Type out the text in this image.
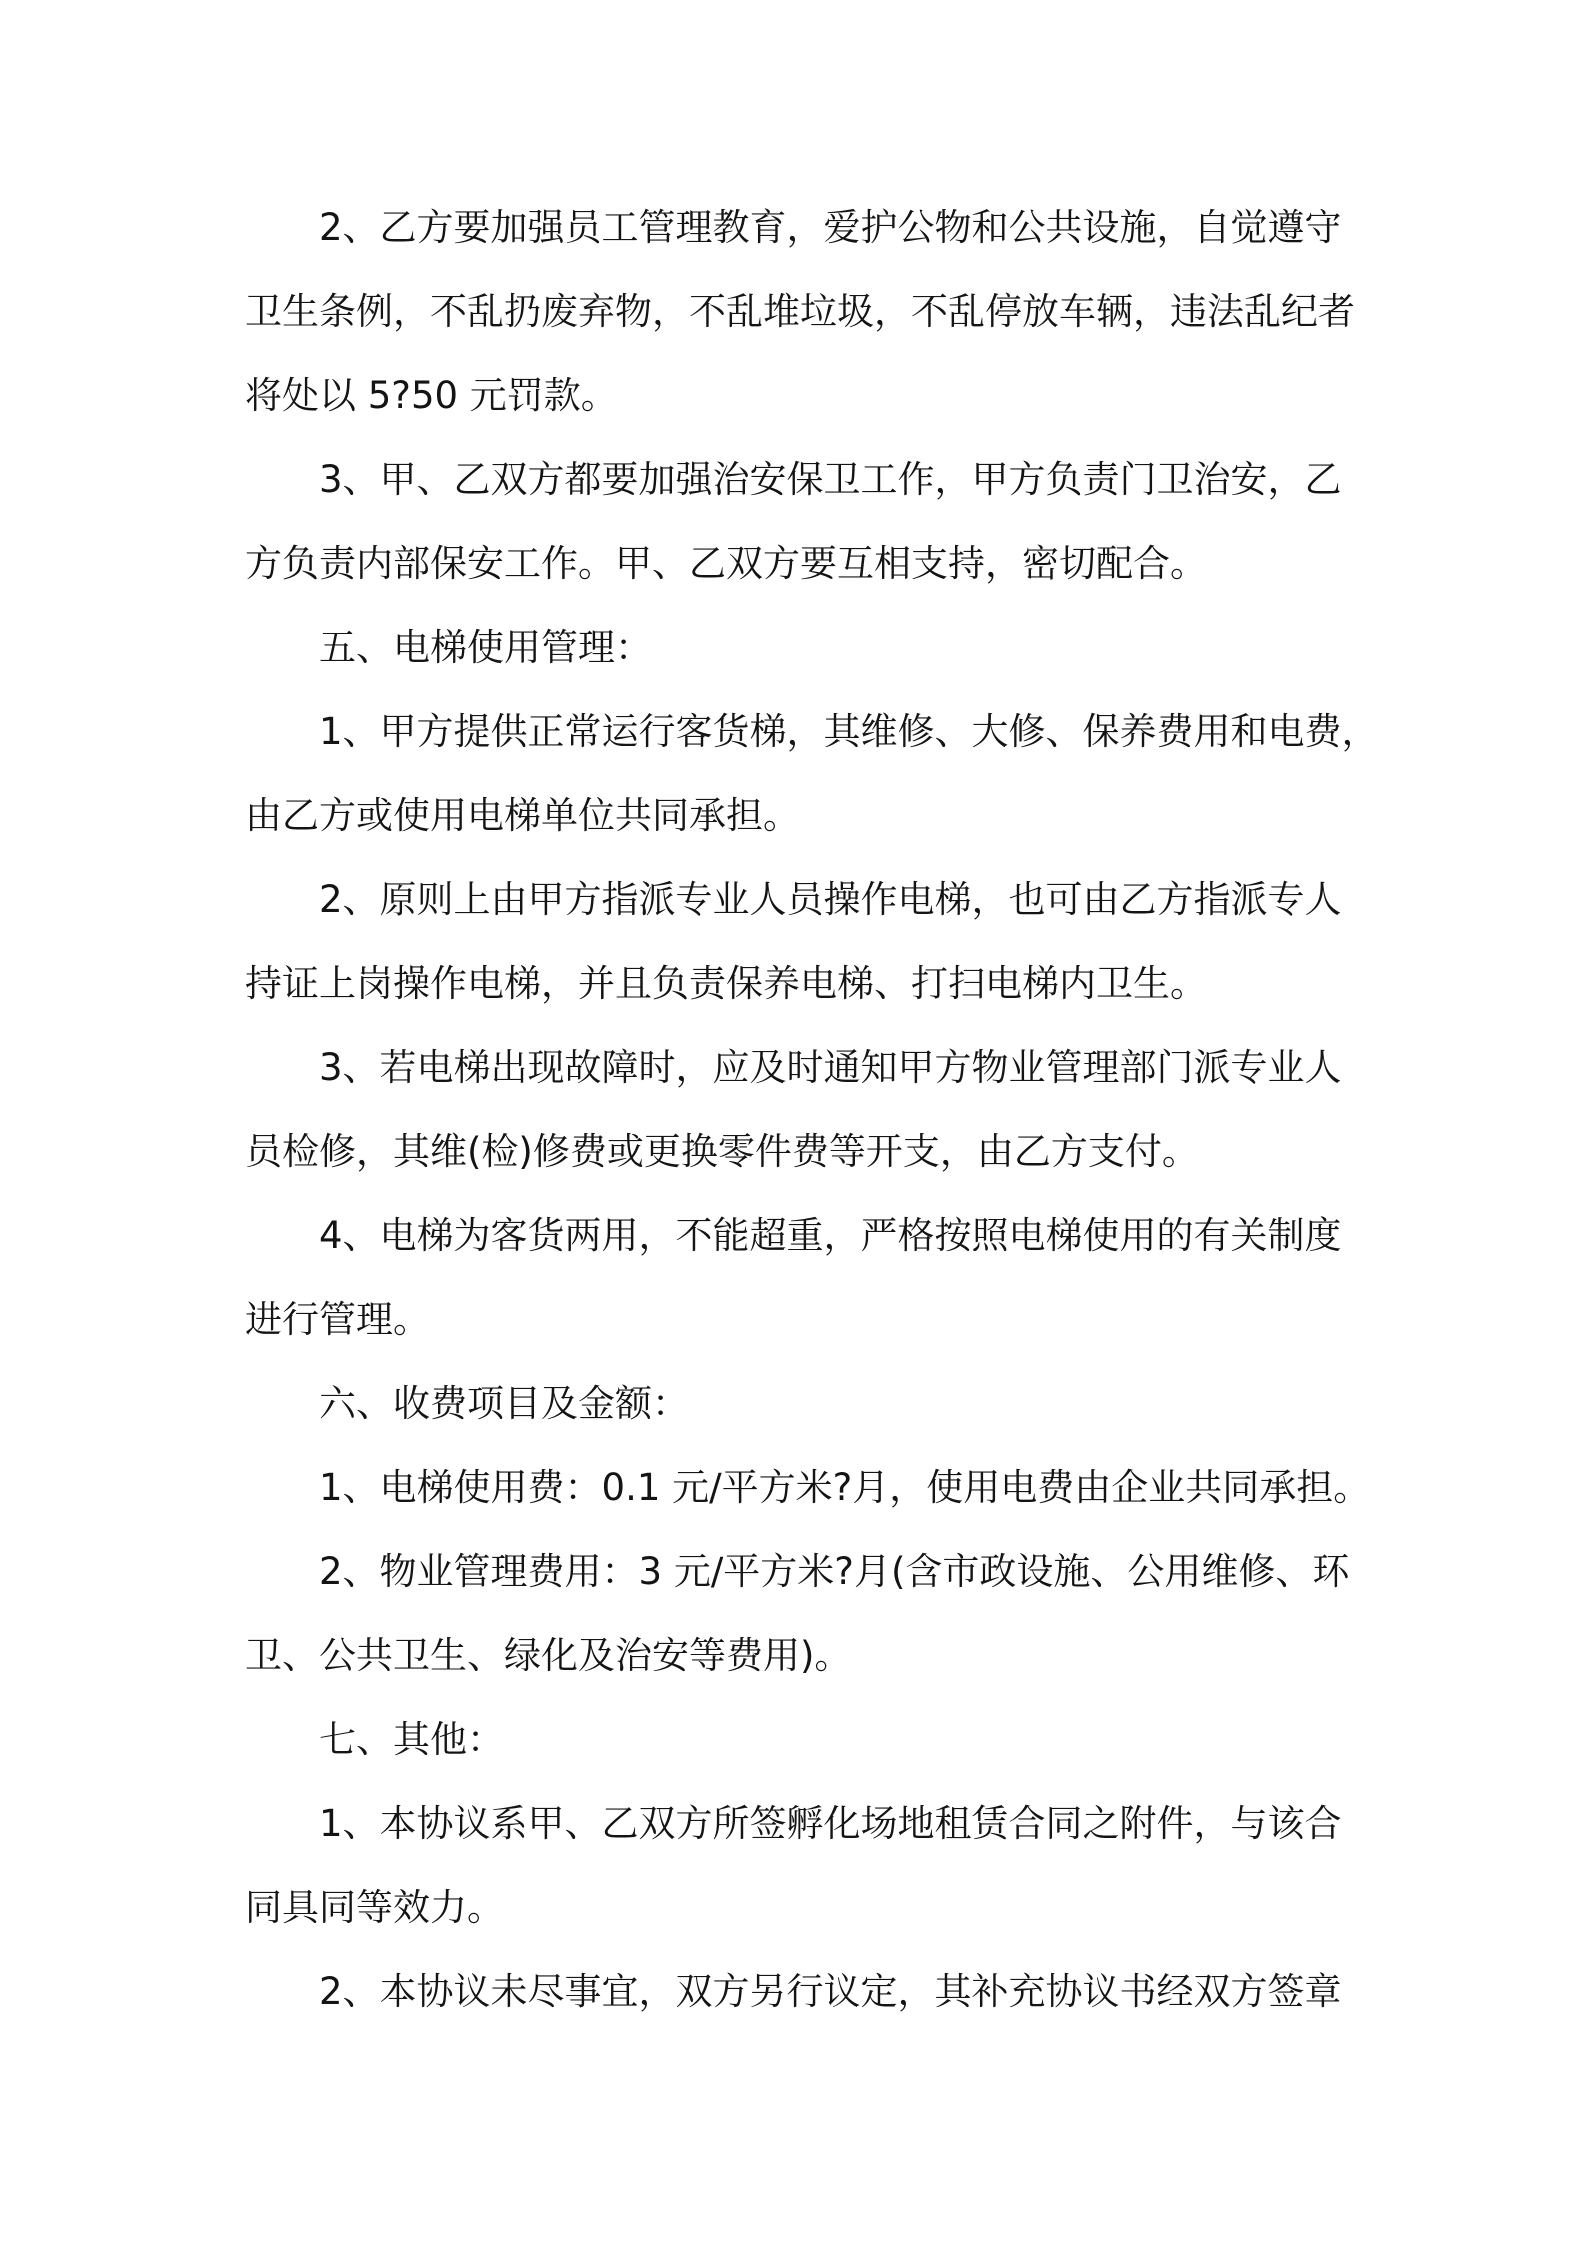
2、乙方要加强员工管理教育，爱护公物和公共设施，自觉遵守
卫生条例，不乱扔废弃物，不乱堆垃圾，不乱停放车辆，违法乱纪者
将处以 5?50 元罚款。
3、甲、乙双方都要加强治安保卫工作，甲方负责门卫治安，乙
方负责内部保安工作。甲、乙双方要互相支持，密切配合。
五、电梯使用管理：
1、甲方提供正常运行客货梯，其维修、大修、保养费用和电费，
由乙方或使用电梯单位共同承担。
2、原则上由甲方指派专业人员操作电梯，也可由乙方指派专人
持证上岗操作电梯，并且负责保养电梯、打扫电梯内卫生。
3、若电梯出现故障时，应及时通知甲方物业管理部门派专业人
员检修，其维(检)修费或更换零件费等开支，由乙方支付。
4、电梯为客货两用，不能超重，严格按照电梯使用的有关制度
进行管理。
六、收费项目及金额：
1、电梯使用费：0.1 元/平方米?月，使用电费由企业共同承担。
2、物业管理费用：3 元/平方米?月(含市政设施、公用维修、环
卫、公共卫生、绿化及治安等费用)。
七、其他：
1、本协议系甲、乙双方所签孵化场地租赁合同之附件，与该合
同具同等效力。
2、本协议未尽事宜，双方另行议定，其补充协议书经双方签章
